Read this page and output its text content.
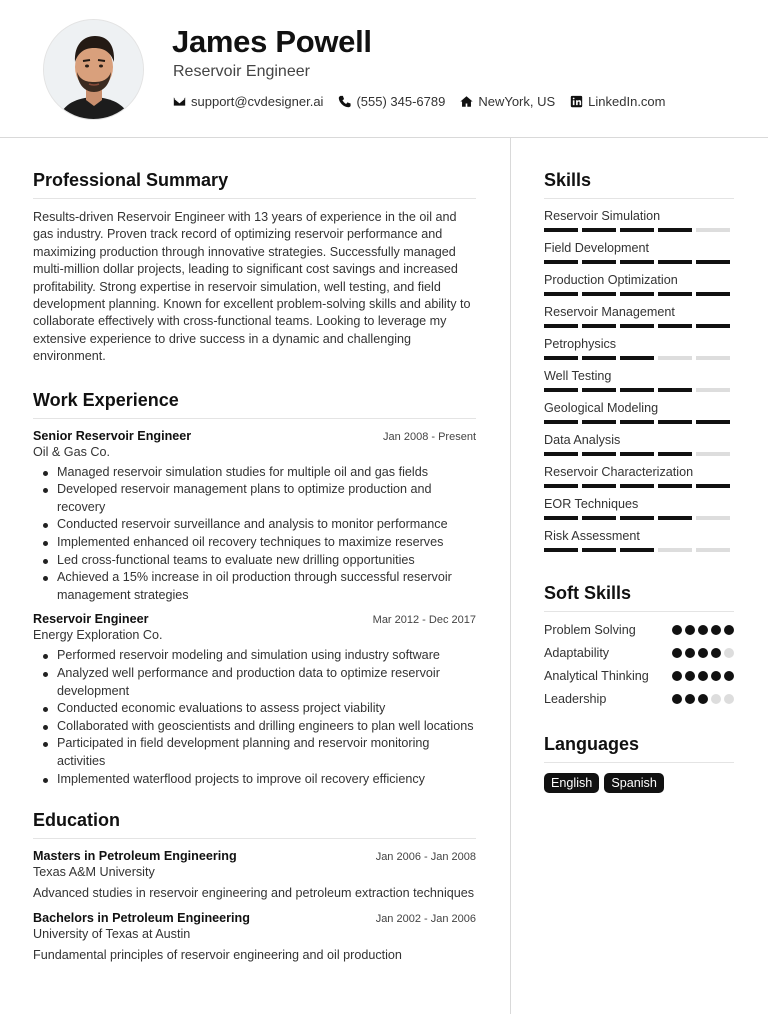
James Powell
Reservoir Engineer
support@cvdesigner.ai	(555) 345-6789	NewYork, US	LinkedIn.com
Professional Summary

Results-driven Reservoir Engineer with 13 years of experience in the oil and gas industry. Proven track record of optimizing reservoir performance and maximizing production through innovative strategies. Successfully managed multi-million dollar projects, leading to significant cost savings and increased profitability. Strong expertise in reservoir simulation, well testing, and field development planning. Known for excellent problem-solving skills and ability to collaborate effectively with cross-functional teams. Looking to leverage my extensive experience to drive success in a dynamic and challenging environment.

Work Experience
Senior Reservoir Engineer	Jan 2008 - Present
Oil & Gas Co.
Managed reservoir simulation studies for multiple oil and gas fields
Developed reservoir management plans to optimize production and recovery
Conducted reservoir surveillance and analysis to monitor performance
Implemented enhanced oil recovery techniques to maximize reserves
Led cross-functional teams to evaluate new drilling opportunities
Achieved a 15% increase in oil production through successful reservoir management strategies
Reservoir Engineer	Mar 2012 - Dec 2017
Energy Exploration Co.
Performed reservoir modeling and simulation using industry software
Analyzed well performance and production data to optimize reservoir development
Conducted economic evaluations to assess project viability
Collaborated with geoscientists and drilling engineers to plan well locations
Participated in field development planning and reservoir monitoring activities
Implemented waterflood projects to improve oil recovery efficiency
Education
Masters in Petroleum Engineering	Jan 2006 - Jan 2008
Texas A&M University
Advanced studies in reservoir engineering and petroleum extraction techniques
Bachelors in Petroleum Engineering	Jan 2002 - Jan 2006
University of Texas at Austin
Fundamental principles of reservoir engineering and oil production
Skills
Reservoir Simulation
Field Development
Production Optimization
Reservoir Management
Petrophysics
Well Testing
Geological Modeling
Data Analysis
Reservoir Characterization
EOR Techniques
Risk Assessment
Soft Skills
Problem Solving
Adaptability
Analytical Thinking
Leadership
Languages
English	Spanish
